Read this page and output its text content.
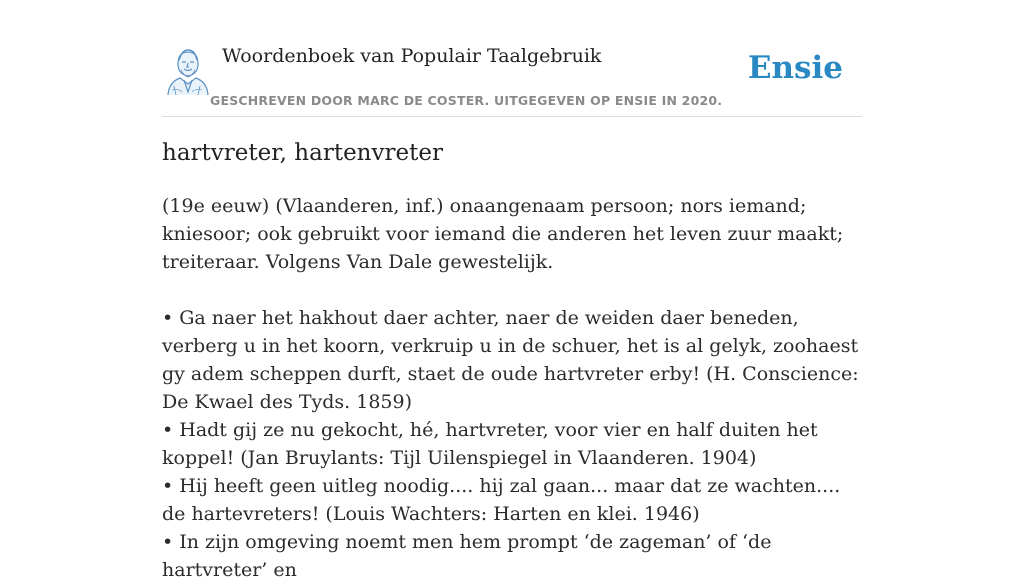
Woordenboek van Populair Taalgebruik
GESCHREVEN DOOR MARC DE COSTER. UITGEGEVEN OP ENSIE IN 2020.
Ensie
hartvreter, hartenvreter

(19e eeuw) (Vlaanderen, inf.) onaangenaam persoon; nors iemand; kniesoor; ook gebruikt voor iemand die anderen het leven zuur maakt; treiteraar. Volgens Van Dale gewestelijk.

• Ga naer het hakhout daer achter, naer de weiden daer beneden, verberg u in het koorn, verkruip u in de schuer, het is al gelyk, zoohaest gy adem scheppen durft, staet de oude hartvreter erby! (H. Conscience: De Kwael des Tyds. 1859)

• Hadt gij ze nu gekocht, hé, hartvreter, voor vier en half duiten het koppel! (Jan Bruylants: Tijl Uilenspiegel in Vlaanderen. 1904)

• Hij heeft geen uitleg noodig.... hij zal gaan... maar dat ze wachten.... de hartevreters! (Louis Wachters: Harten en klei. 1946)

• In zijn omgeving noemt men hem prompt ‘de zageman’ of ‘de hartvreter’ en
